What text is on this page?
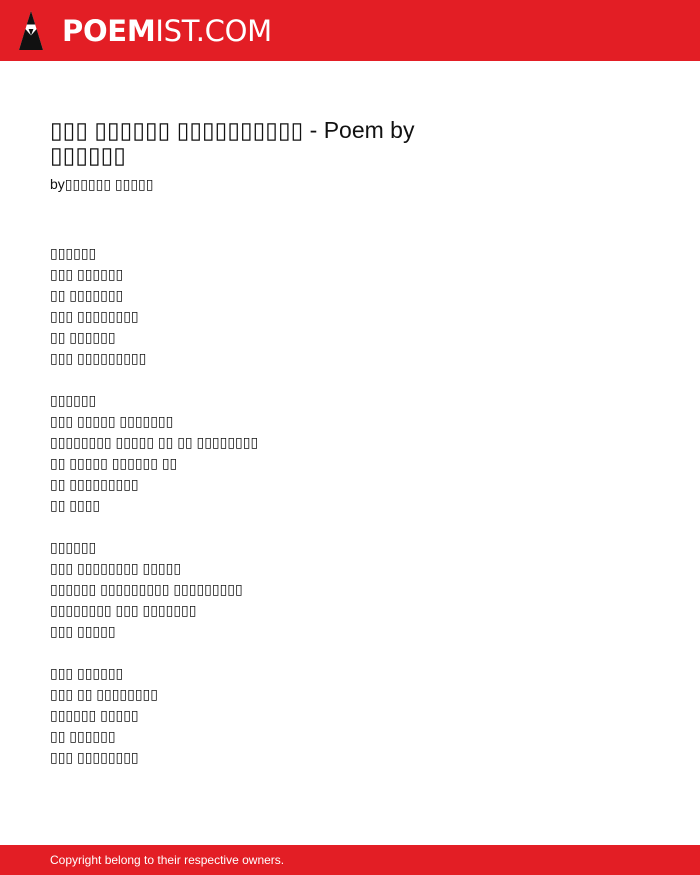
POEMIST.COM
▯▯▯ ▯▯▯▯▯▯ ▯▯▯▯▯▯▯▯▯▯ - Poem by ▯▯▯▯▯▯
by▯▯▯▯▯▯ ▯▯▯▯▯
▯▯▯▯▯▯
▯▯▯ ▯▯▯▯▯▯
▯▯ ▯▯▯▯▯▯▯
▯▯▯ ▯▯▯▯▯▯▯▯
▯▯ ▯▯▯▯▯▯
▯▯▯ ▯▯▯▯▯▯▯▯▯
▯▯▯▯▯▯
▯▯▯ ▯▯▯▯▯ ▯▯▯▯▯▯▯
▯▯▯▯▯▯▯▯ ▯▯▯▯▯ ▯▯ ▯▯ ▯▯▯▯▯▯▯▯
▯▯ ▯▯▯▯▯ ▯▯▯▯▯▯ ▯▯
▯▯ ▯▯▯▯▯▯▯▯▯
▯▯ ▯▯▯▯
▯▯▯▯▯▯
▯▯▯ ▯▯▯▯▯▯▯▯ ▯▯▯▯▯
▯▯▯▯▯▯ ▯▯▯▯▯▯▯▯▯ ▯▯▯▯▯▯▯▯▯
▯▯▯▯▯▯▯▯ ▯▯▯ ▯▯▯▯▯▯▯
▯▯▯ ▯▯▯▯▯
▯▯▯ ▯▯▯▯▯▯
▯▯▯ ▯▯ ▯▯▯▯▯▯▯▯
▯▯▯▯▯▯ ▯▯▯▯▯
▯▯ ▯▯▯▯▯▯
▯▯▯ ▯▯▯▯▯▯▯▯
Copyright belong to their respective owners.
